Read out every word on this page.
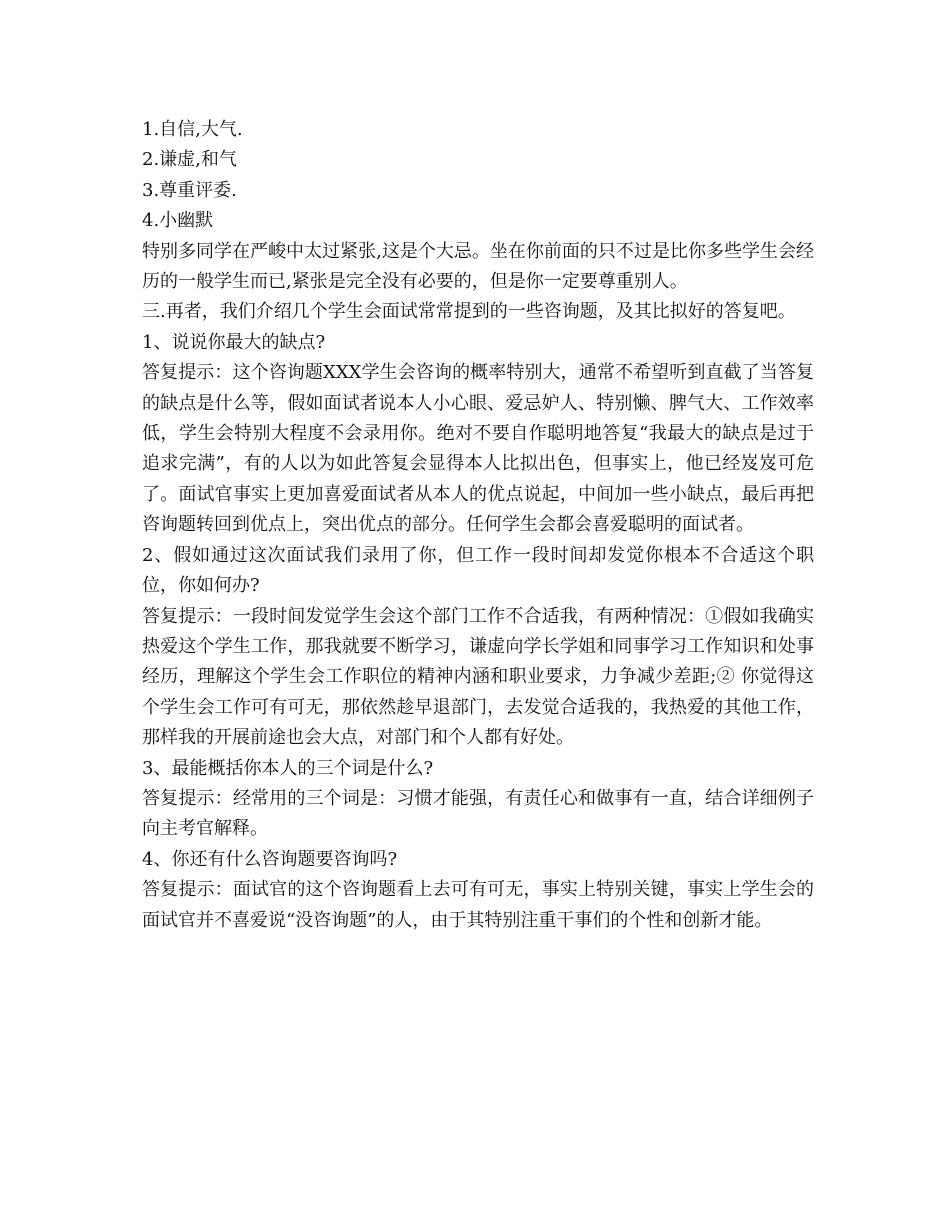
1.自信,大气.

2.谦虚,和气

3.尊重评委.

4.小幽默

特别多同学在严峻中太过紧张,这是个大忌。坐在你前面的只不过是比你多些学生会经历的一般学生而已,紧张是完全没有必要的，但是你一定要尊重别人。

三.再者，我们介绍几个学生会面试常常提到的一些咨询题，及其比拟好的答复吧。

1、说说你最大的缺点?

答复提示：这个咨询题XXX学生会咨询的概率特别大，通常不希望听到直截了当答复的缺点是什么等，假如面试者说本人小心眼、爱忌妒人、特别懒、脾气大、工作效率低，学生会特别大程度不会录用你。绝对不要自作聪明地答复“我最大的缺点是过于追求完满”，有的人以为如此答复会显得本人比拟出色，但事实上，他已经岌岌可危了。面试官事实上更加喜爱面试者从本人的优点说起，中间加一些小缺点，最后再把咨询题转回到优点上，突出优点的部分。任何学生会都会喜爱聪明的面试者。

2、假如通过这次面试我们录用了你，但工作一段时间却发觉你根本不合适这个职位，你如何办?

答复提示：一段时间发觉学生会这个部门工作不合适我，有两种情况：①假如我确实热爱这个学生工作，那我就要不断学习，谦虚向学长学姐和同事学习工作知识和处事经历，理解这个学生会工作职位的精神内涵和职业要求，力争减少差距;② 你觉得这个学生会工作可有可无，那依然趁早退部门，去发觉合适我的，我热爱的其他工作，那样我的开展前途也会大点，对部门和个人都有好处。

3、最能概括你本人的三个词是什么?

答复提示：经常用的三个词是：习惯才能强，有责任心和做事有一直，结合详细例子向主考官解释。

4、你还有什么咨询题要咨询吗?

答复提示：面试官的这个咨询题看上去可有可无，事实上特别关键，事实上学生会的面试官并不喜爱说“没咨询题”的人，由于其特别注重干事们的个性和创新才能。
